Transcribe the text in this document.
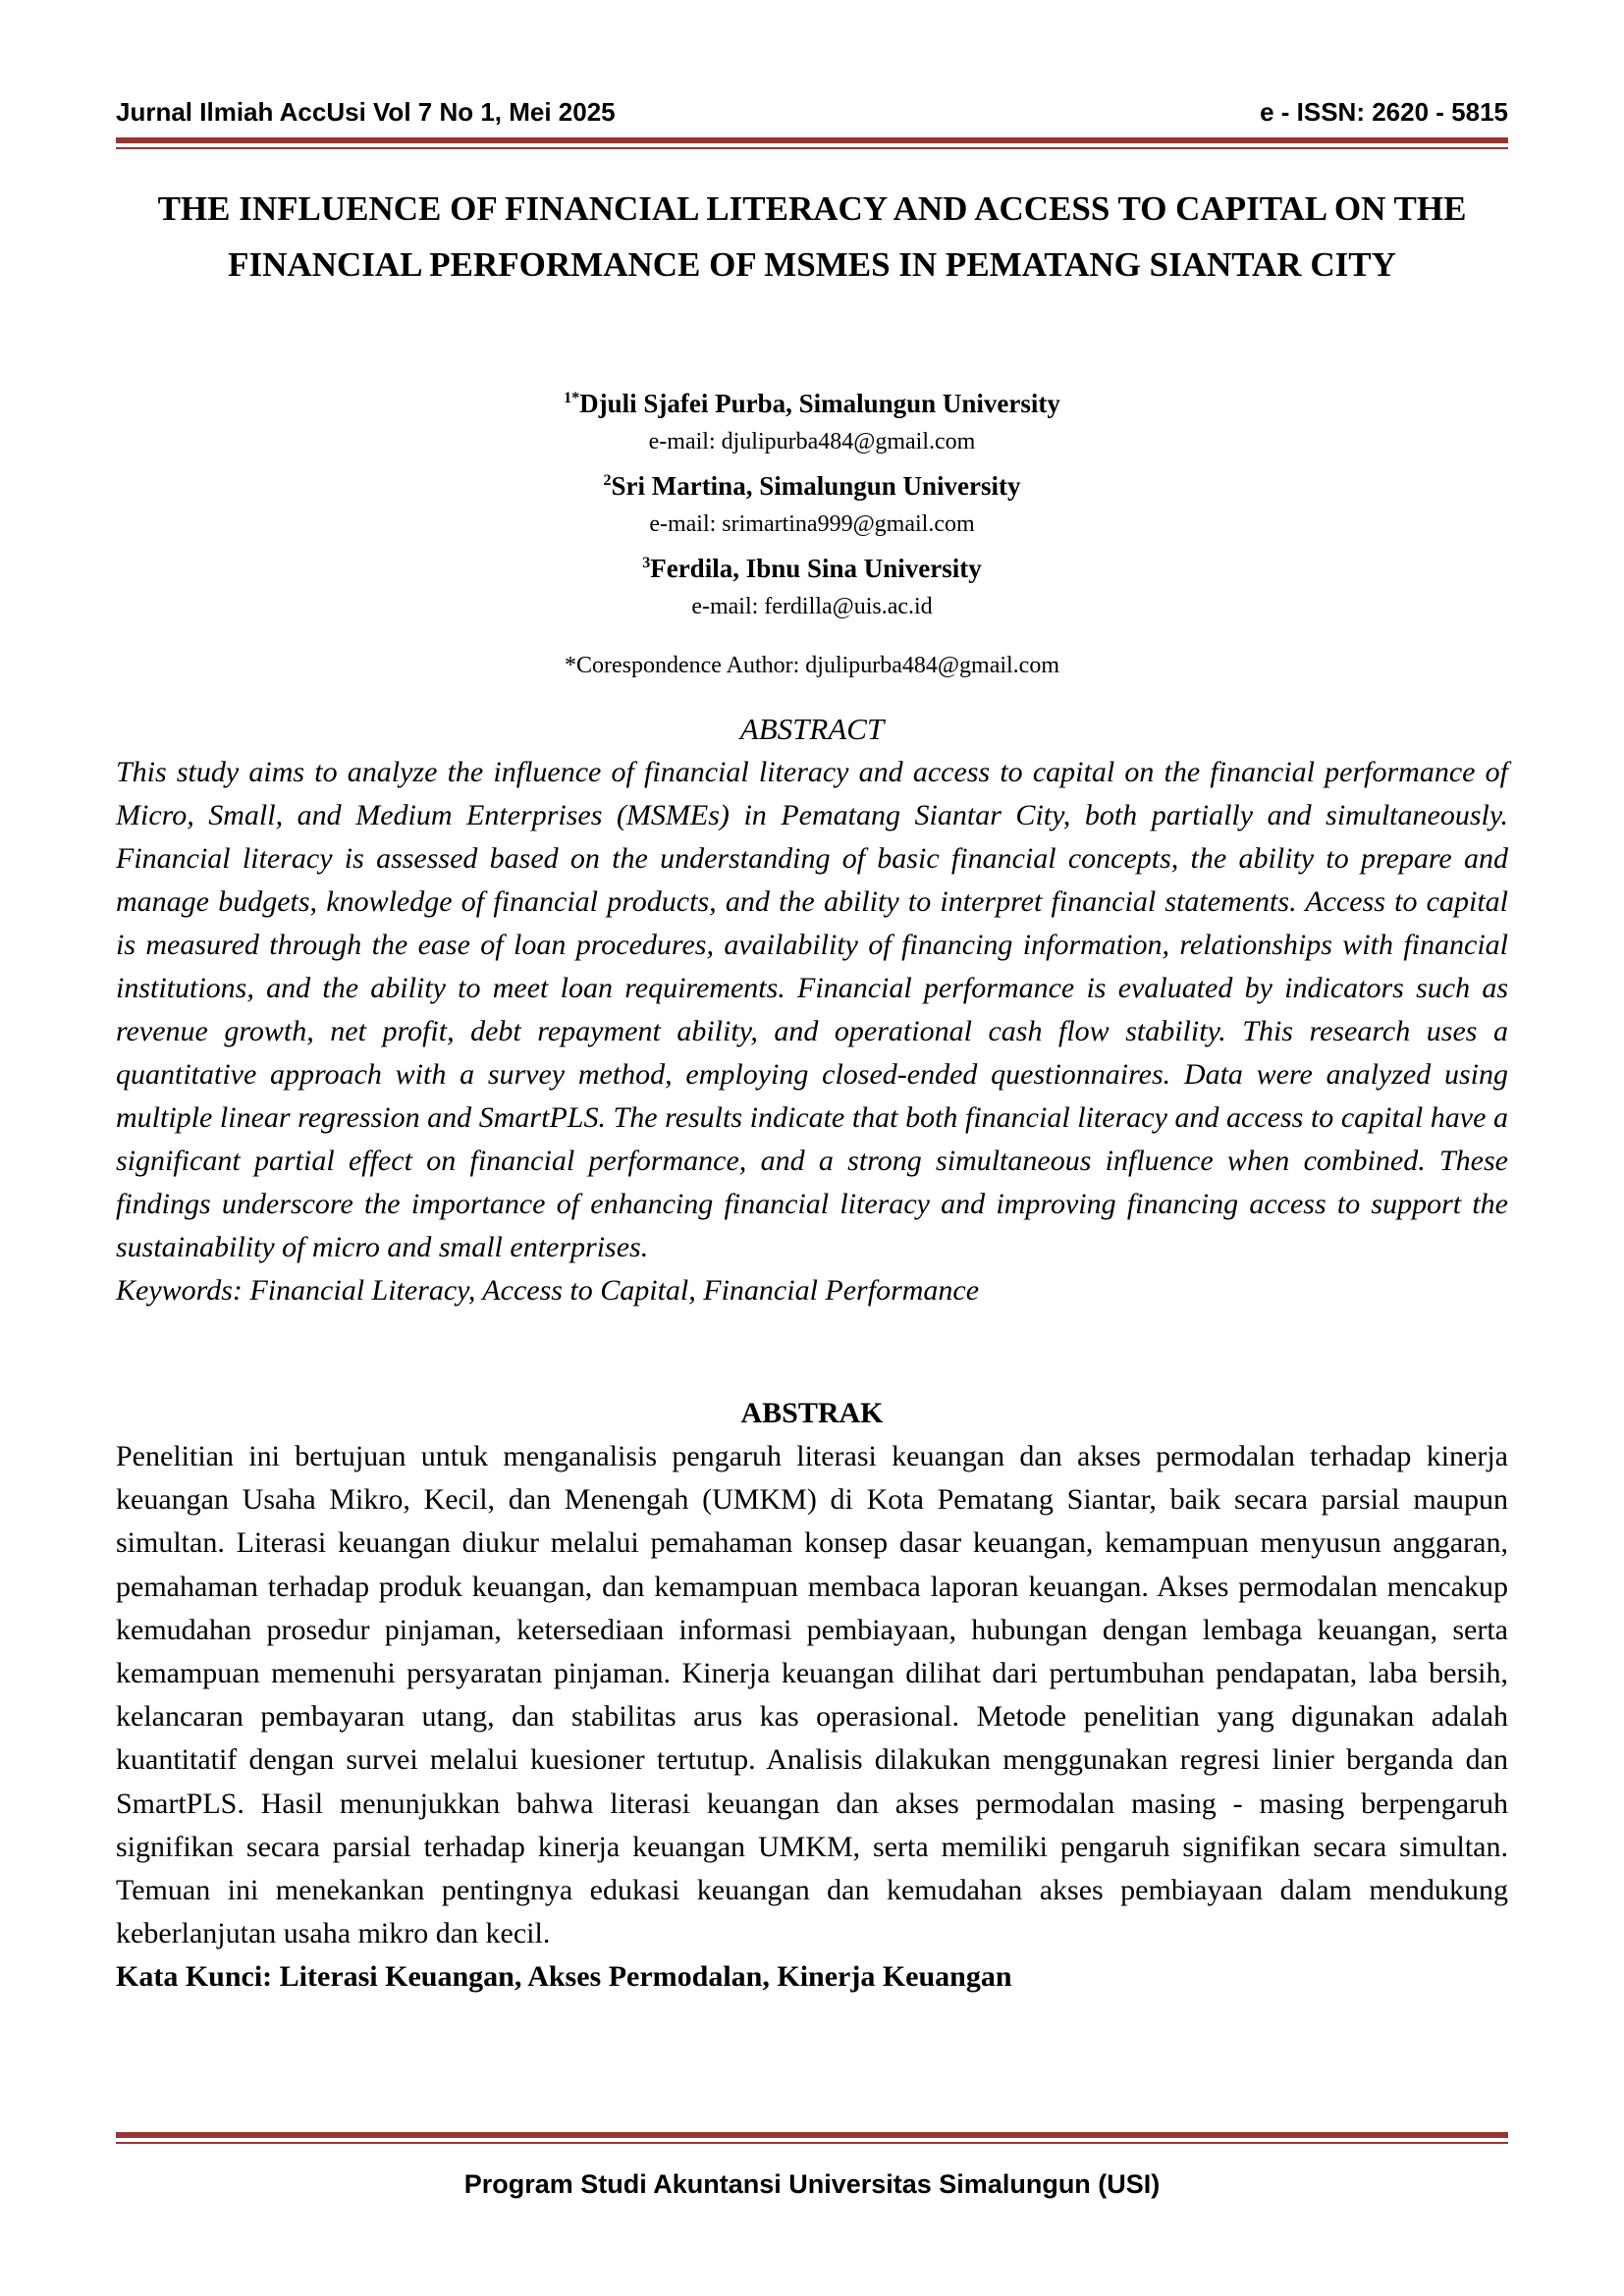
Jurnal Ilmiah AccUsi Vol 7 No 1, Mei 2025	e - ISSN: 2620 - 5815
THE INFLUENCE OF FINANCIAL LITERACY AND ACCESS TO CAPITAL ON THE FINANCIAL PERFORMANCE OF MSMES IN PEMATANG SIANTAR CITY
$^{1*}$Djuli Sjafei Purba, Simalungun University
e-mail: djulipurba484@gmail.com
$^2$Sri Martina, Simalungun University
e-mail: srimartina999@gmail.com
$^3$Ferdila, Ibnu Sina University
e-mail: ferdilla@uis.ac.id
*Corespondence Author: djulipurba484@gmail.com
ABSTRACT
This study aims to analyze the influence of financial literacy and access to capital on the financial performance of Micro, Small, and Medium Enterprises (MSMEs) in Pematang Siantar City, both partially and simultaneously. Financial literacy is assessed based on the understanding of basic financial concepts, the ability to prepare and manage budgets, knowledge of financial products, and the ability to interpret financial statements. Access to capital is measured through the ease of loan procedures, availability of financing information, relationships with financial institutions, and the ability to meet loan requirements. Financial performance is evaluated by indicators such as revenue growth, net profit, debt repayment ability, and operational cash flow stability. This research uses a quantitative approach with a survey method, employing closed-ended questionnaires. Data were analyzed using multiple linear regression and SmartPLS. The results indicate that both financial literacy and access to capital have a significant partial effect on financial performance, and a strong simultaneous influence when combined. These findings underscore the importance of enhancing financial literacy and improving financing access to support the sustainability of micro and small enterprises.
Keywords: Financial Literacy, Access to Capital, Financial Performance
ABSTRAK
Penelitian ini bertujuan untuk menganalisis pengaruh literasi keuangan dan akses permodalan terhadap kinerja keuangan Usaha Mikro, Kecil, dan Menengah (UMKM) di Kota Pematang Siantar, baik secara parsial maupun simultan. Literasi keuangan diukur melalui pemahaman konsep dasar keuangan, kemampuan menyusun anggaran, pemahaman terhadap produk keuangan, dan kemampuan membaca laporan keuangan. Akses permodalan mencakup kemudahan prosedur pinjaman, ketersediaan informasi pembiayaan, hubungan dengan lembaga keuangan, serta kemampuan memenuhi persyaratan pinjaman. Kinerja keuangan dilihat dari pertumbuhan pendapatan, laba bersih, kelancaran pembayaran utang, dan stabilitas arus kas operasional. Metode penelitian yang digunakan adalah kuantitatif dengan survei melalui kuesioner tertutup. Analisis dilakukan menggunakan regresi linier berganda dan SmartPLS. Hasil menunjukkan bahwa literasi keuangan dan akses permodalan masing - masing berpengaruh signifikan secara parsial terhadap kinerja keuangan UMKM, serta memiliki pengaruh signifikan secara simultan. Temuan ini menekankan pentingnya edukasi keuangan dan kemudahan akses pembiayaan dalam mendukung keberlanjutan usaha mikro dan kecil.
Kata Kunci: Literasi Keuangan, Akses Permodalan, Kinerja Keuangan
Program Studi Akuntansi Universitas Simalungun (USI)
